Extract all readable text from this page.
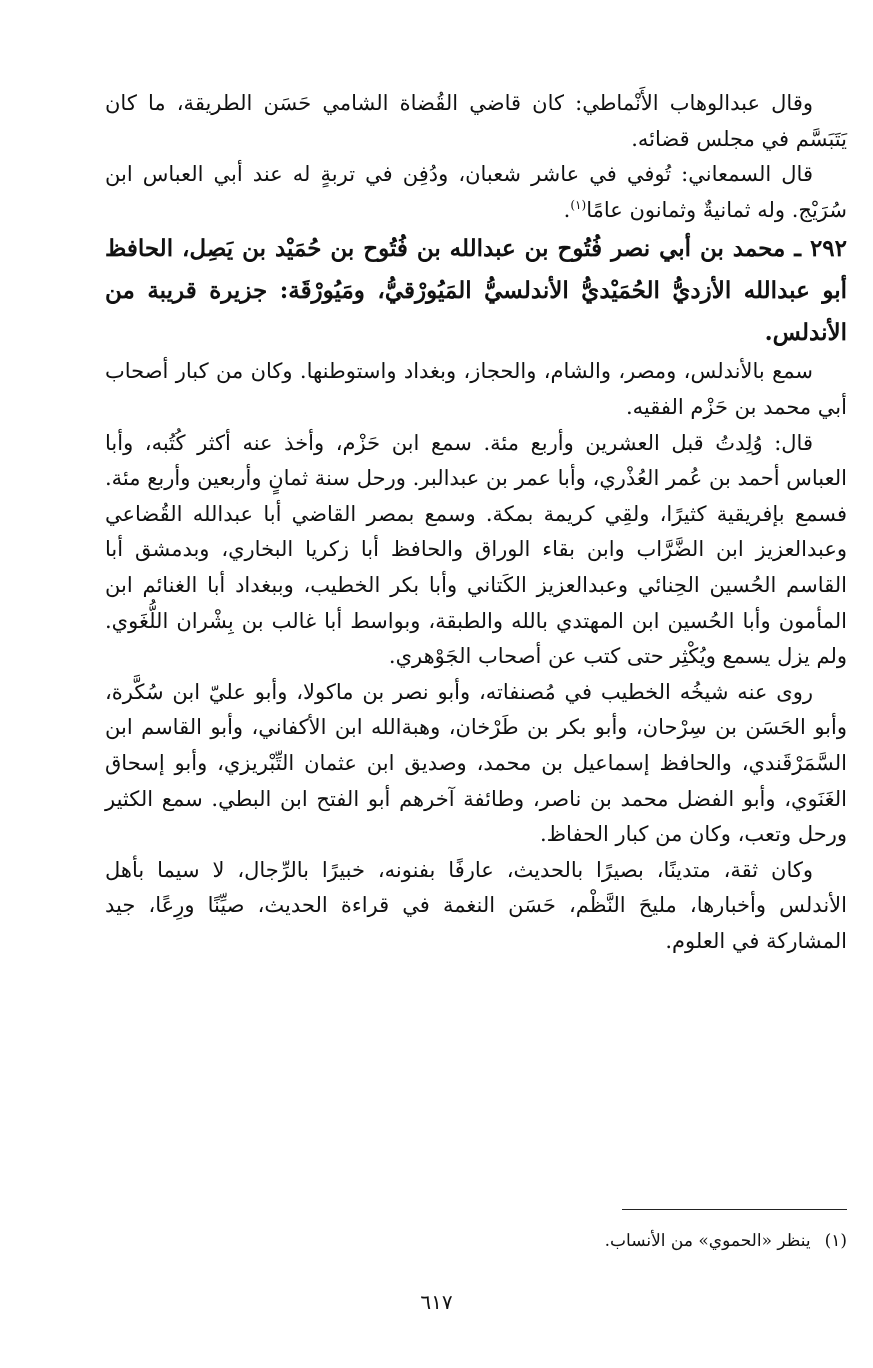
وقال عبدالوهاب الأَنْماطي: كان قاضي القُضاة الشامي حَسَن الطريقة، ما كان يَتَبَسَّم في مجلس قضائه.

قال السمعاني: تُوفي في عاشر شعبان، ودُفِن في تربةٍ له عند أبي العباس ابن سُرَيْج. وله ثمانيةٌ وثمانون عامًا$^{(١)}$.

٢٩٢ ـ محمد بن أبي نصر فُتُوح بن عبدالله بن فُتُوح بن حُمَيْد بن يَصِل، الحافظ أبو عبدالله الأزديُّ الحُمَيْديُّ الأندلسيُّ المَيُورْقيُّ، ومَيُورْقَة: جزيرة قريبة من الأندلس.

سمع بالأندلس، ومصر، والشام، والحجاز، وبغداد واستوطنها. وكان من كبار أصحاب أبي محمد بن حَزْم الفقيه.

قال: وُلِدتُ قبل العشرين وأربع مئة. سمع ابن حَزْم، وأخذ عنه أكثر كُتُبه، وأبا العباس أحمد بن عُمر العُذْري، وأبا عمر بن عبدالبر. ورحل سنة ثمانٍ وأربعين وأربع مئة. فسمع بإفريقية كثيرًا، ولقِي كريمة بمكة. وسمع بمصر القاضي أبا عبدالله القُضاعي وعبدالعزيز ابن الضَّرَّاب وابن بقاء الوراق والحافظ أبا زكريا البخاري، وبدمشق أبا القاسم الحُسين الحِنائي وعبدالعزيز الكَتاني وأبا بكر الخطيب، وببغداد أبا الغنائم ابن المأمون وأبا الحُسين ابن المهتدي بالله والطبقة، وبواسط أبا غالب بن بِشْران اللُّغَوي. ولم يزل يسمع ويُكْثِر حتى كتب عن أصحاب الجَوْهري.

روى عنه شيخُه الخطيب في مُصنفاته، وأبو نصر بن ماكولا، وأبو عليّ ابن سُكَّرة، وأبو الحَسَن بن سِرْحان، وأبو بكر بن طَرْخان، وهبةالله ابن الأكفاني، وأبو القاسم ابن السَّمَرْقَندي، والحافظ إسماعيل بن محمد، وصديق ابن عثمان التِّبْريزي، وأبو إسحاق الغَنَوي، وأبو الفضل محمد بن ناصر، وطائفة آخرهم أبو الفتح ابن البطي. سمع الكثير ورحل وتعب، وكان من كبار الحفاظ.

وكان ثقة، متدينًا، بصيرًا بالحديث، عارفًا بفنونه، خبيرًا بالرِّجال، لا سيما بأهل الأندلس وأخبارها، مليحَ النَّظْم، حَسَن النغمة في قراءة الحديث، صيِّنًا ورِعًا، جيد المشاركة في العلوم.

(١)ينظر «الحموي» من الأنساب.
٦١٧
